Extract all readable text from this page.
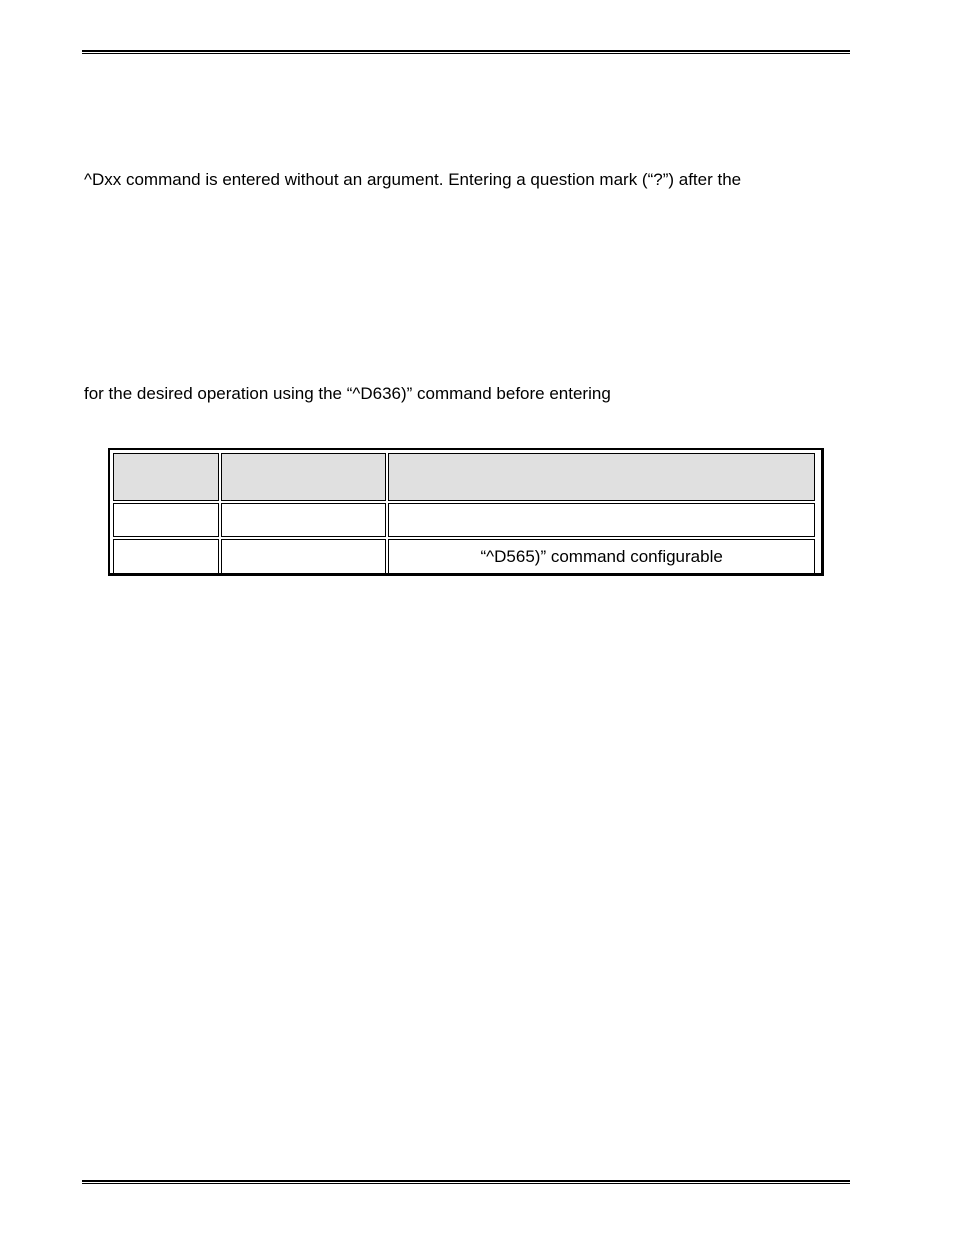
^Dxx command is entered without an argument. Entering a question mark (“?”) after the
for the desired operation using the “^D636)” command before entering

		“^D565)” command configurable
